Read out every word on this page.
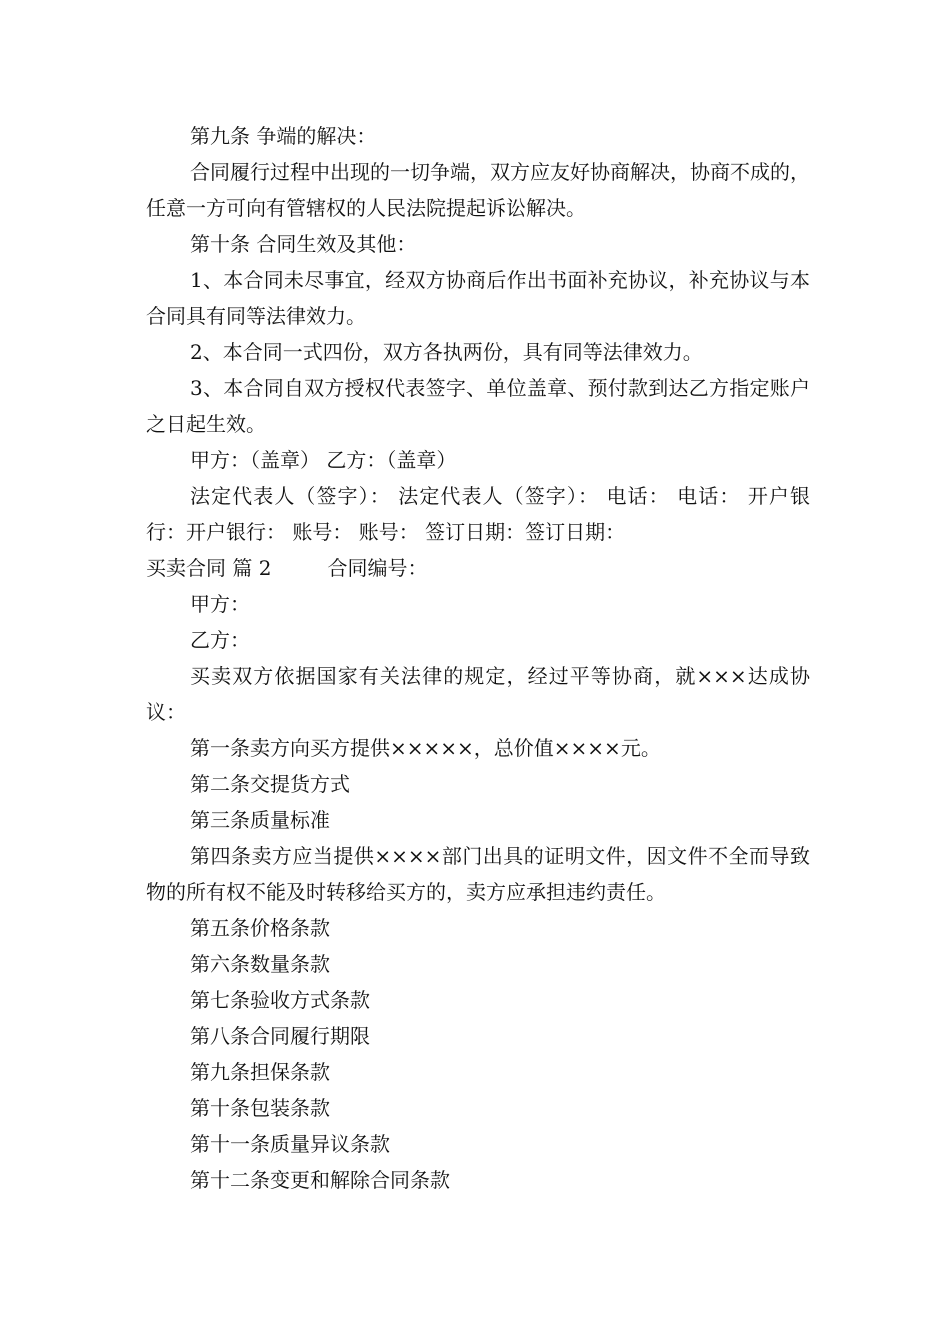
第九条 争端的解决：

合同履行过程中出现的一切争端，双方应友好协商解决，协商不成的，任意一方可向有管辖权的人民法院提起诉讼解决。

第十条 合同生效及其他：

1、本合同未尽事宜，经双方协商后作出书面补充协议，补充协议与本合同具有同等法律效力。

2、本合同一式四份，双方各执两份，具有同等法律效力。

3、本合同自双方授权代表签字、单位盖章、预付款到达乙方指定账户之日起生效。

甲方：（盖章） 乙方：（盖章）

法定代表人（签字）： 法定代表人（签字）： 电话： 电话： 开户银行：开户银行： 账号： 账号： 签订日期：签订日期：

买卖合同 篇 2	合同编号：

甲方：

乙方：

买卖双方依据国家有关法律的规定，经过平等协商，就×××达成协议：

第一条卖方向买方提供×××××，总价值××××元。

第二条交提货方式

第三条质量标准

第四条卖方应当提供××××部门出具的证明文件，因文件不全而导致物的所有权不能及时转移给买方的，卖方应承担违约责任。

第五条价格条款

第六条数量条款

第七条验收方式条款

第八条合同履行期限

第九条担保条款

第十条包装条款

第十一条质量异议条款

第十二条变更和解除合同条款
